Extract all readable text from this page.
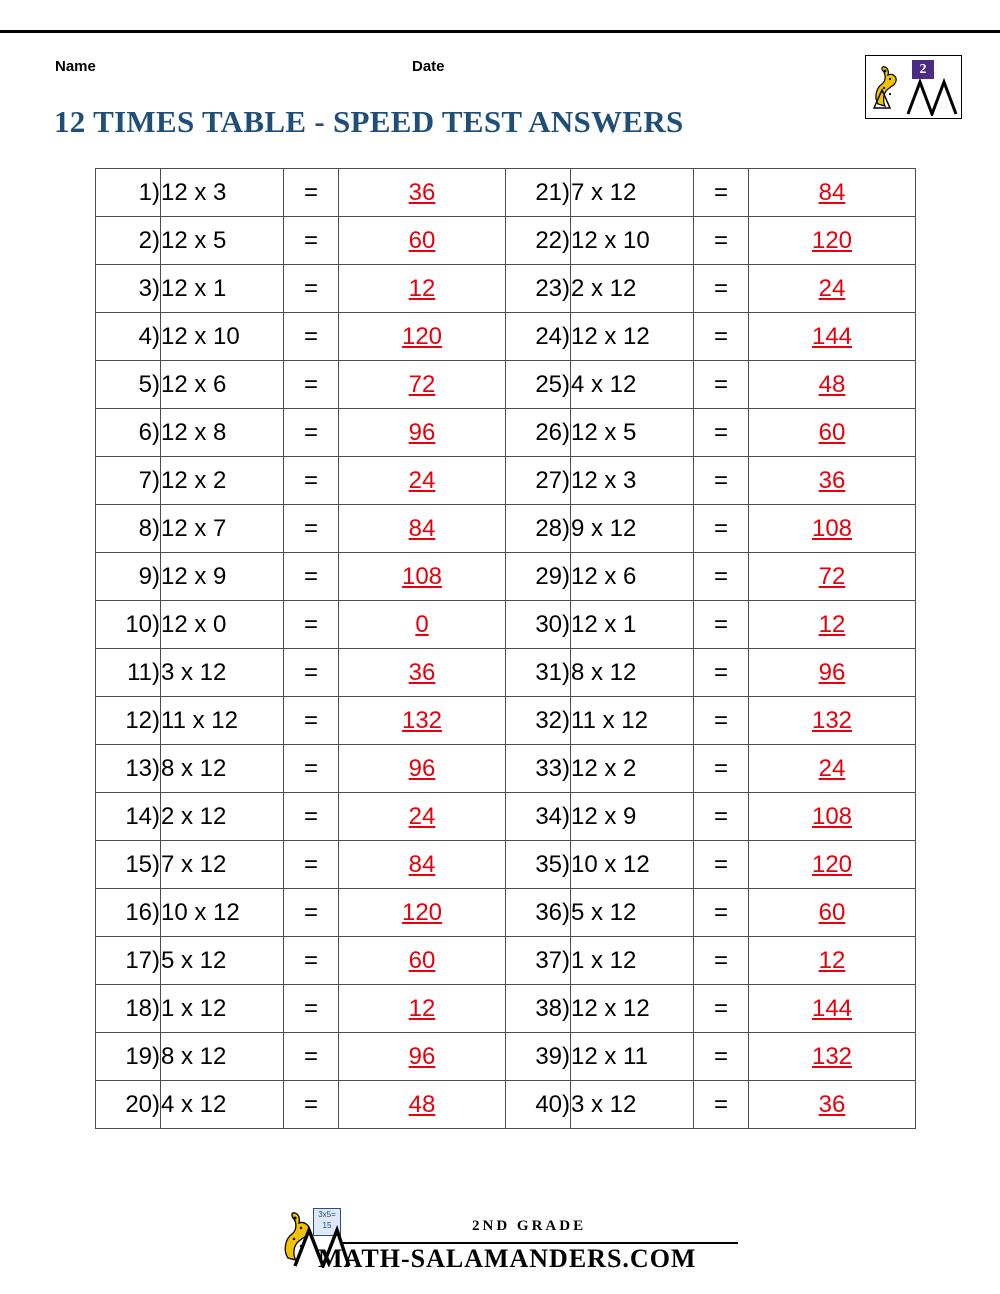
Name	Date
12 TIMES TABLE - SPEED TEST ANSWERS
2
1)	12 x 3	=	36	21)	7 x 12	=	84
2)	12 x 5	=	60	22)	12 x 10	=	120
3)	12 x 1	=	12	23)	2 x 12	=	24
4)	12 x 10	=	120	24)	12 x 12	=	144
5)	12 x 6	=	72	25)	4 x 12	=	48
6)	12 x 8	=	96	26)	12 x 5	=	60
7)	12 x 2	=	24	27)	12 x 3	=	36
8)	12 x 7	=	84	28)	9 x 12	=	108
9)	12 x 9	=	108	29)	12 x 6	=	72
10)	12 x 0	=	0	30)	12 x 1	=	12
11)	3 x 12	=	36	31)	8 x 12	=	96
12)	11 x 12	=	132	32)	11 x 12	=	132
13)	8 x 12	=	96	33)	12 x 2	=	24
14)	2 x 12	=	24	34)	12 x 9	=	108
15)	7 x 12	=	84	35)	10 x 12	=	120
16)	10 x 12	=	120	36)	5 x 12	=	60
17)	5 x 12	=	60	37)	1 x 12	=	12
18)	1 x 12	=	12	38)	12 x 12	=	144
19)	8 x 12	=	96	39)	12 x 11	=	132
20)	4 x 12	=	48	40)	3 x 12	=	36
3x5=
15	2ND GRADE
MATH-SALAMANDERS.COM
